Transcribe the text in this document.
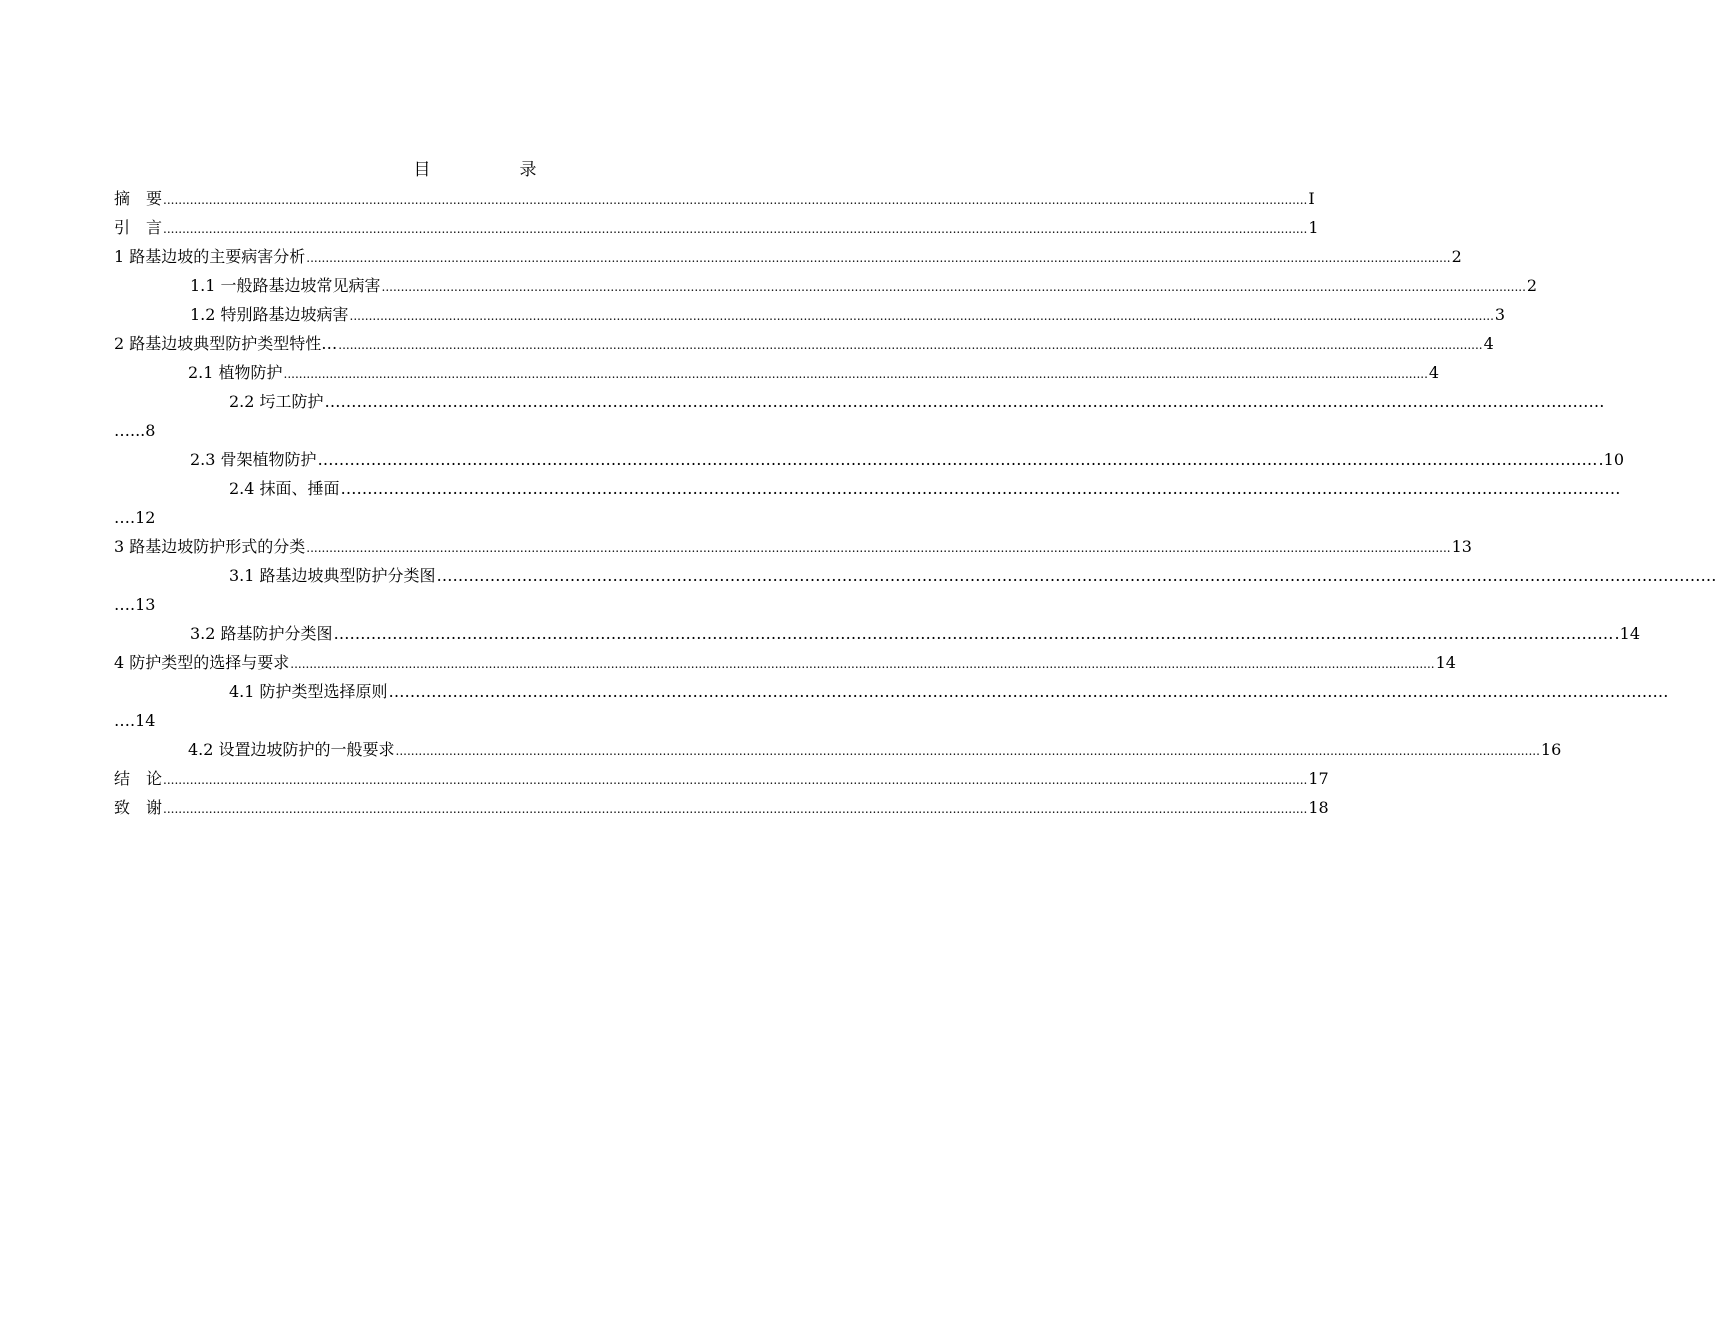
目　录
摘　要 ............................................................................................................................................................................................................................................................................................................ I
引　言 ............................................................................................................................................................................................................................................................................................................ 1
1 路基边坡的主要病害分析 ............................................................................................................................................................................................................................................................................................................ 2
1.1 一般路基边坡常见病害 ............................................................................................................................................................................................................................................................................................................ 2
1.2 特别路基边坡病害 ............................................................................................................................................................................................................................................................................................................ 3
2 路基边坡典型防护类型特性… ............................................................................................................................................................................................................................................................................................................ 4
2.1 植物防护 ............................................................................................................................................................................................................................................................................................................ 4
2.2 圬工防护 ……………………………………………………………………………………………………………………………………………………………………………………………………………………
…...8
2.3 骨架植物防护 …………………………………………………………………………………………………………………………………………………………………………………………………………………… .10
2.4 抹面、捶面 ……………………………………………………………………………………………………………………………………………………………………………………………………………………
….12
3 路基边坡防护形式的分类 ............................................................................................................................................................................................................................................................................................................ 13
3.1 路基边坡典型防护分类图 ……………………………………………………………………………………………………………………………………………………………………………………………………………………
….13
3.2 路基防护分类图 …………………………………………………………………………………………………………………………………………………………………………………………………………………… .14
4 防护类型的选择与要求 ............................................................................................................................................................................................................................................................................................................ 14
4.1 防护类型选择原则 ……………………………………………………………………………………………………………………………………………………………………………………………………………………
….14
4.2 设置边坡防护的一般要求 ............................................................................................................................................................................................................................................................................................................ 16
结　论 ............................................................................................................................................................................................................................................................................................................ 17
致　谢 ............................................................................................................................................................................................................................................................................................................ 18
